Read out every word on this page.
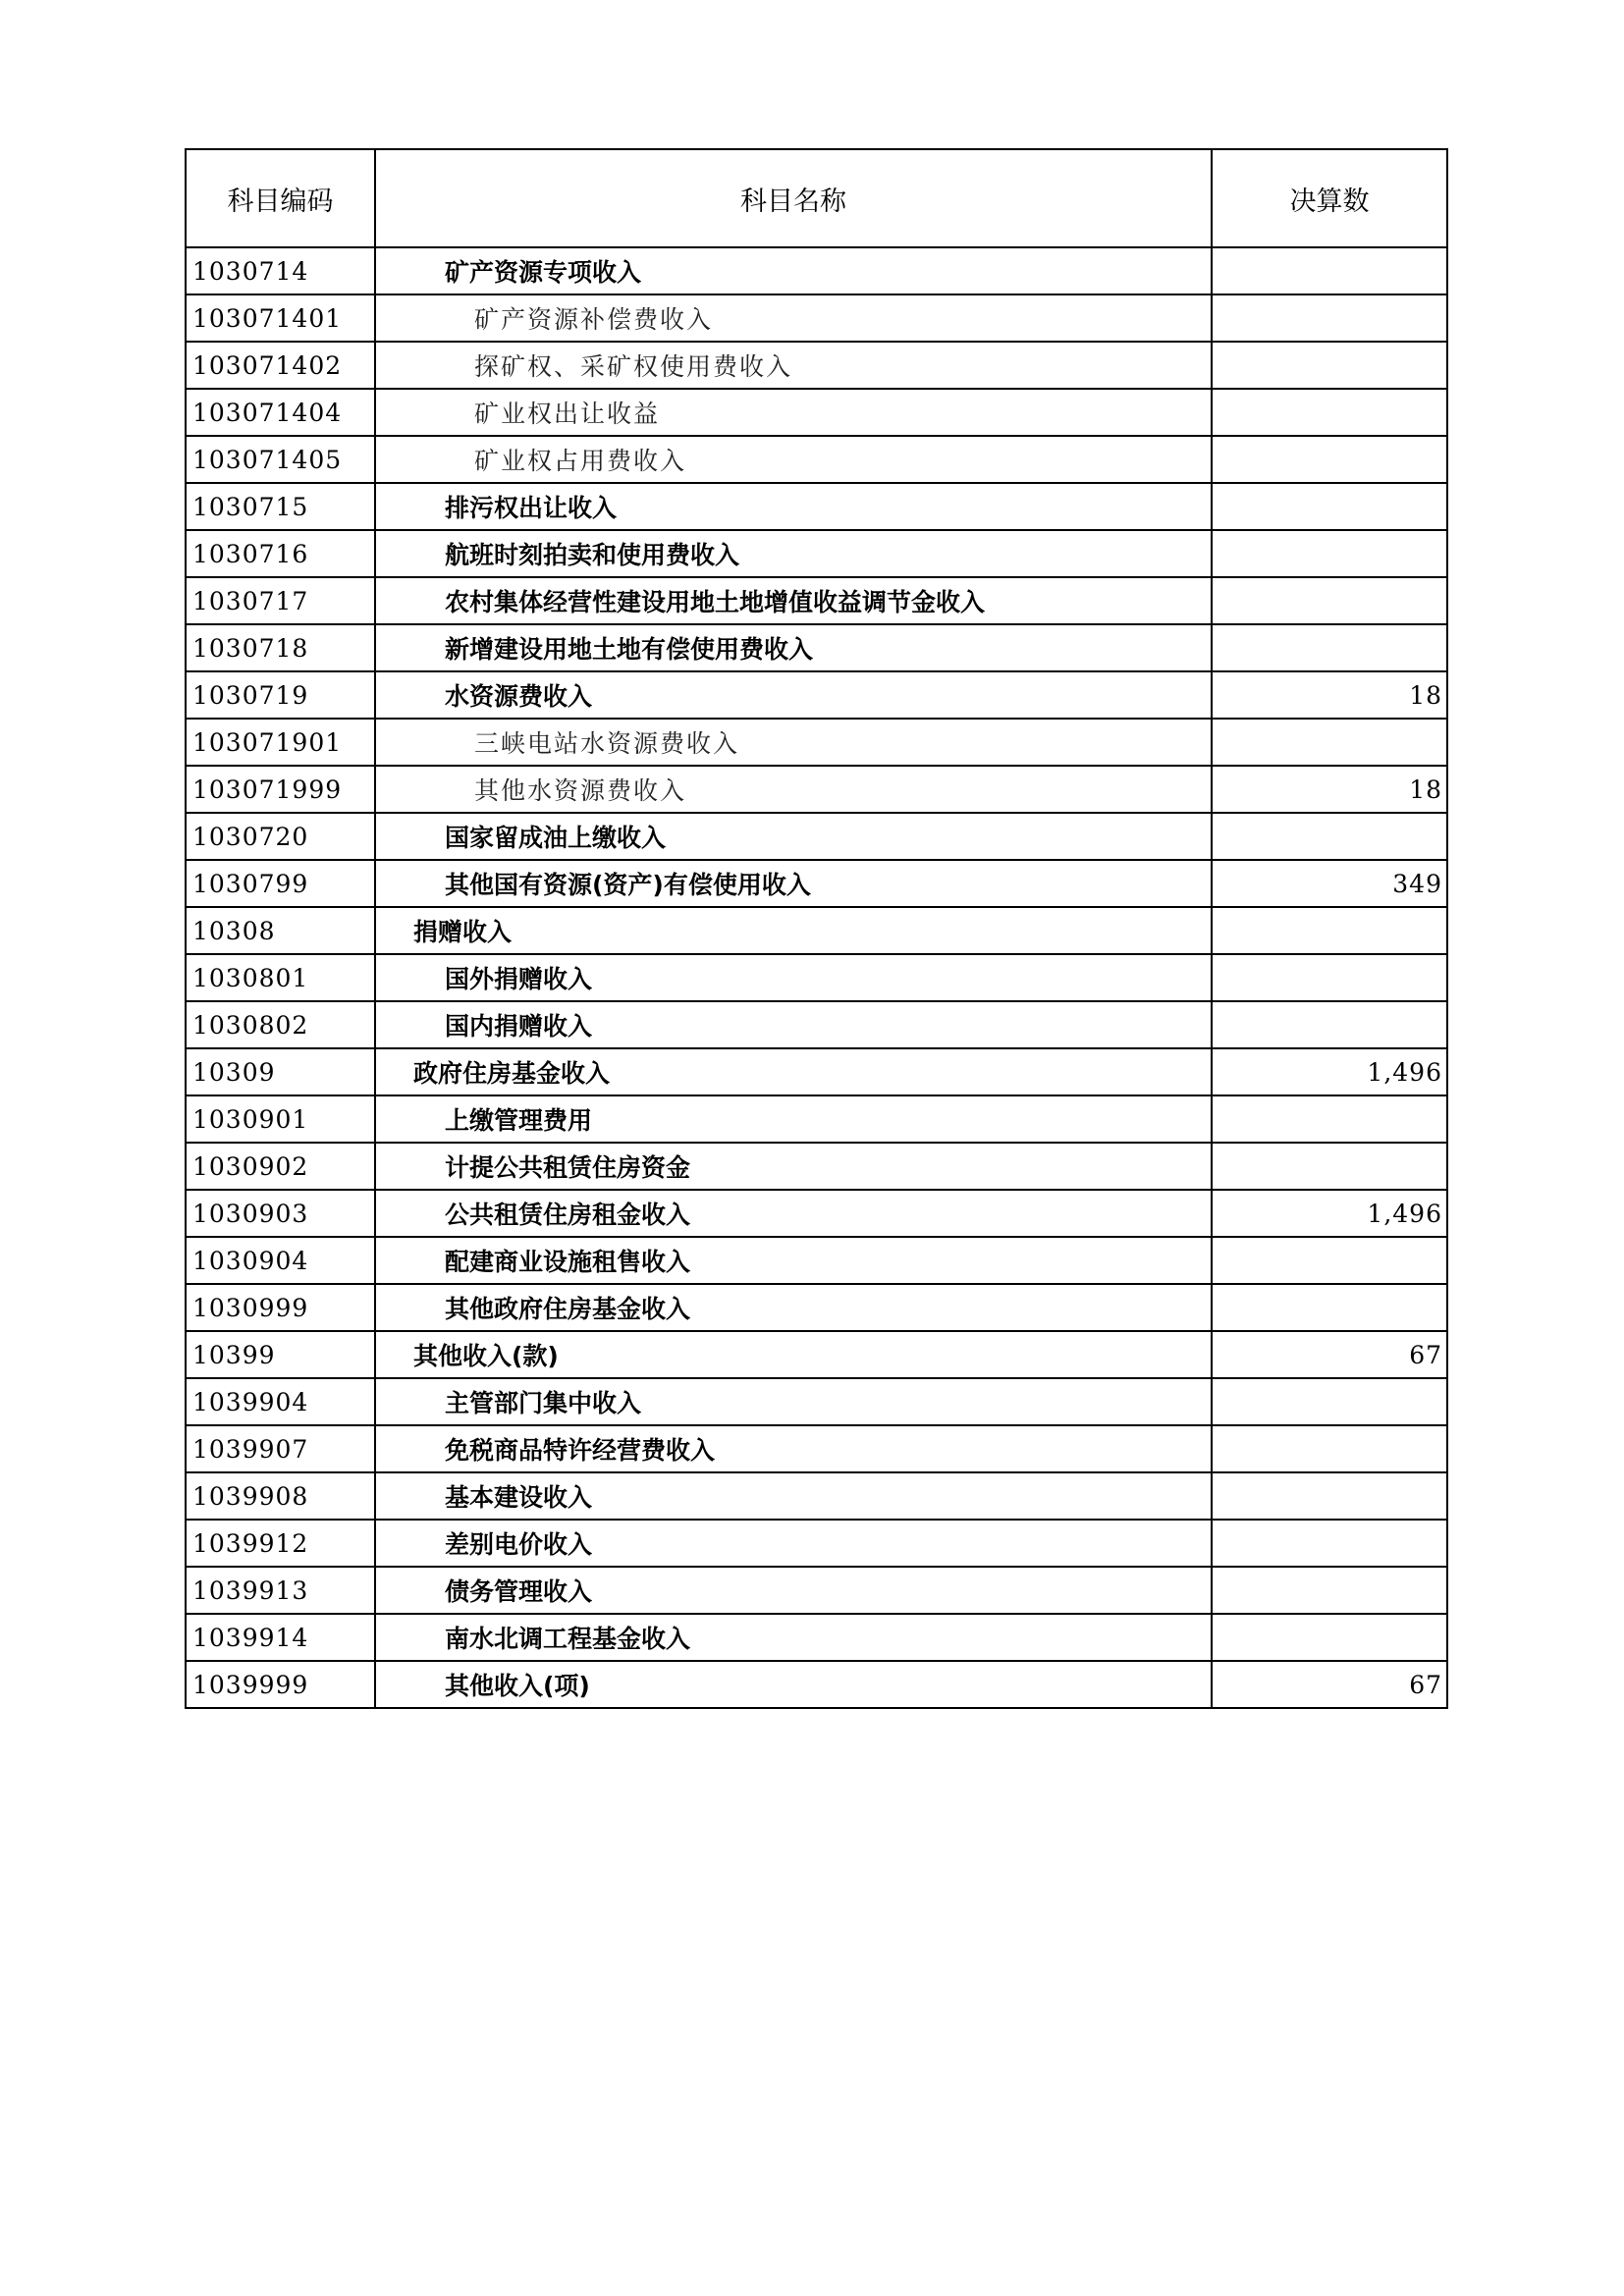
科目编码	科目名称	决算数
1030714	矿产资源专项收入	
103071401	矿产资源补偿费收入	
103071402	探矿权、采矿权使用费收入	
103071404	矿业权出让收益	
103071405	矿业权占用费收入	
1030715	排污权出让收入	
1030716	航班时刻拍卖和使用费收入	
1030717	农村集体经营性建设用地土地增值收益调节金收入	
1030718	新增建设用地土地有偿使用费收入	
1030719	水资源费收入	18
103071901	三峡电站水资源费收入	
103071999	其他水资源费收入	18
1030720	国家留成油上缴收入	
1030799	其他国有资源(资产)有偿使用收入	349
10308	捐赠收入	
1030801	国外捐赠收入	
1030802	国内捐赠收入	
10309	政府住房基金收入	1,496
1030901	上缴管理费用	
1030902	计提公共租赁住房资金	
1030903	公共租赁住房租金收入	1,496
1030904	配建商业设施租售收入	
1030999	其他政府住房基金收入	
10399	其他收入(款)	67
1039904	主管部门集中收入	
1039907	免税商品特许经营费收入	
1039908	基本建设收入	
1039912	差别电价收入	
1039913	债务管理收入	
1039914	南水北调工程基金收入	
1039999	其他收入(项)	67
